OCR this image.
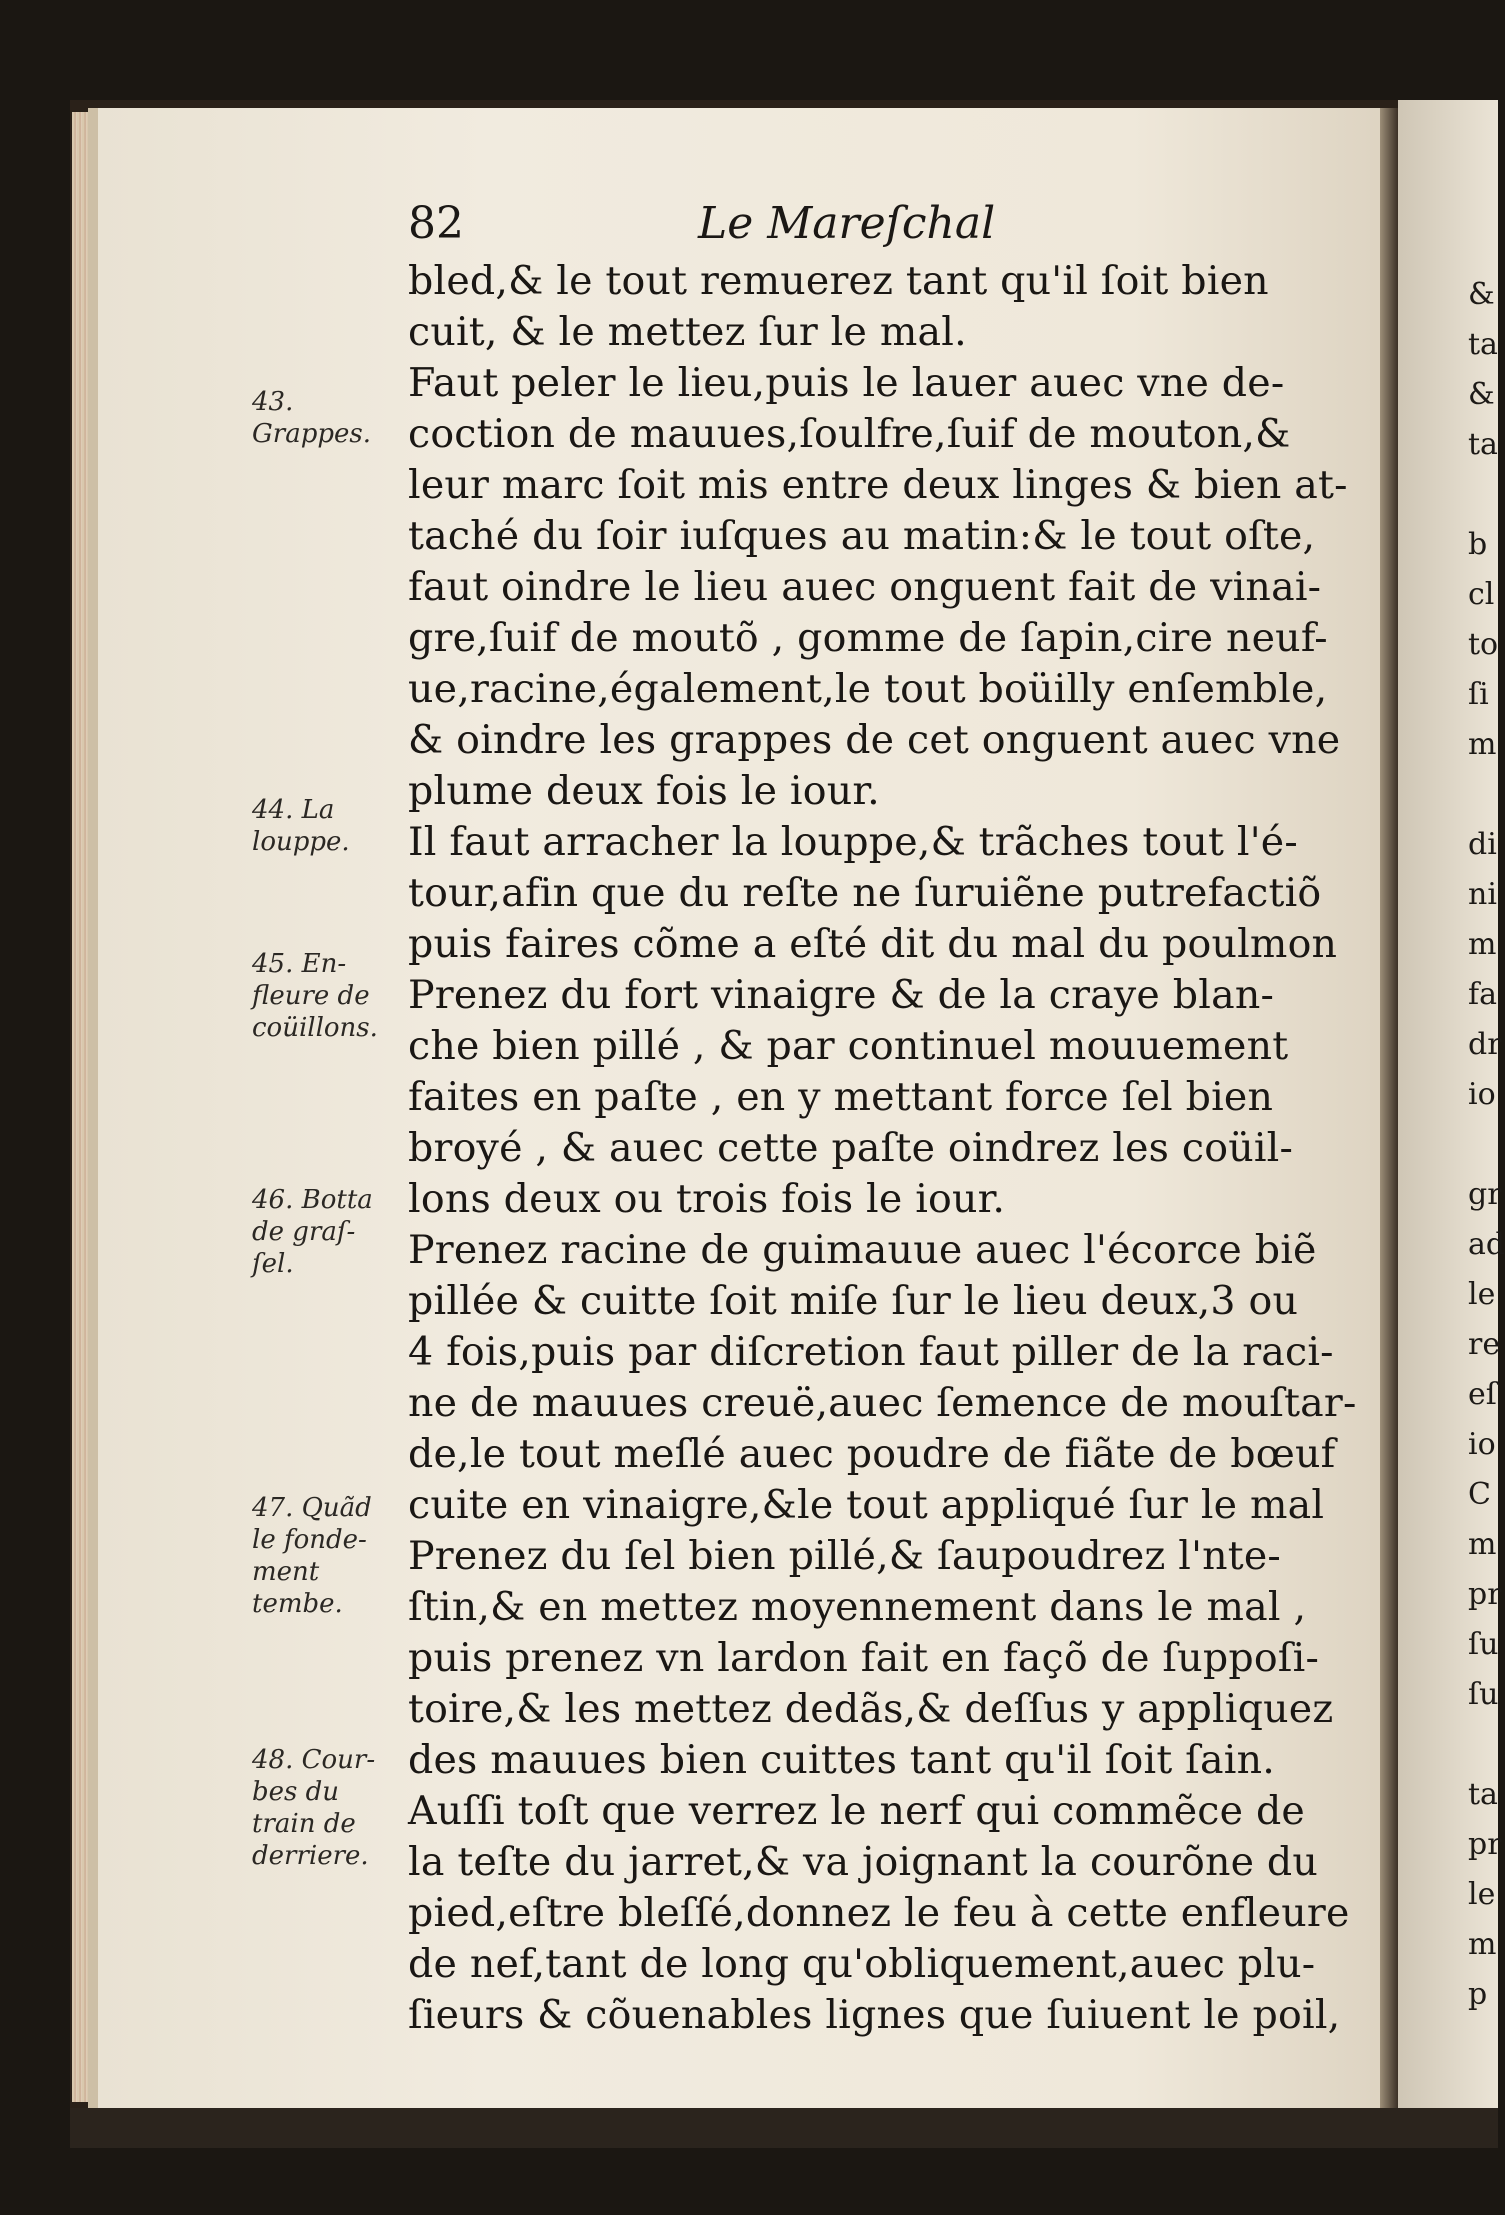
&
ta
&
ta

b
cl
to
ſi
m

di
ni
m
fa
dr
io

gr
ad
le
re
eſ
io
C
m
pr
ſu
ſu

ta
pr
le
m
p
82	Le Mareſchal
bled,& le tout remuerez tant qu'il ſoit bien
cuit, & le mettez ſur le mal.
Faut peler le lieu,puis le lauer auec vne de-
coction de mauues,ſoulfre,ſuif de mouton,&
leur marc ſoit mis entre deux linges & bien at-
taché du ſoir iuſques au matin:& le tout oſte,
faut oindre le lieu auec onguent fait de vinai-
gre,ſuif de moutõ , gomme de ſapin,cire neuf-
ue,racine,également,le tout boüilly enſemble,
& oindre les grappes de cet onguent auec vne
plume deux fois le iour.
Il faut arracher la louppe,& trãches tout l'é-
tour,afin que du reſte ne ſuruiẽne putrefactiõ
puis faires cõme a eſté dit du mal du poulmon
Prenez du fort vinaigre & de la craye blan-
che bien pillé , & par continuel mouuement
faites en paſte , en y mettant force ſel bien
broyé , & auec cette paſte oindrez les coüil-
lons deux ou trois fois le iour.
Prenez racine de guimauue auec l'écorce biẽ
pillée & cuitte ſoit miſe ſur le lieu deux,3 ou
4 fois,puis par diſcretion faut piller de la raci-
ne de mauues creuë,auec ſemence de mouſtar-
de,le tout meſlé auec poudre de fiãte de bœuf
cuite en vinaigre,&le tout appliqué ſur le mal
Prenez du ſel bien pillé,& ſaupoudrez l'nte-
ſtin,& en mettez moyennement dans le mal ,
puis prenez vn lardon fait en façõ de ſuppoſi-
toire,& les mettez dedãs,& deſſus y appliquez
des mauues bien cuittes tant qu'il ſoit ſain.
Auſſi toſt que verrez le nerf qui commẽce de
la teſte du jarret,& va joignant la courõne du
pied,eſtre bleſſé,donnez le feu à cette enfleure
de nef,tant de long qu'obliquement,auec plu-
ſieurs & cõuenables lignes que ſuiuent le poil,
43.
Grappes.
44. La
louppe.
45. En-
fleure de
coüillons.
46. Botta
de graſ-
ſel.
47. Quãd
le fonde-
ment
tembe.
48. Cour-
bes du
train de
derriere.
